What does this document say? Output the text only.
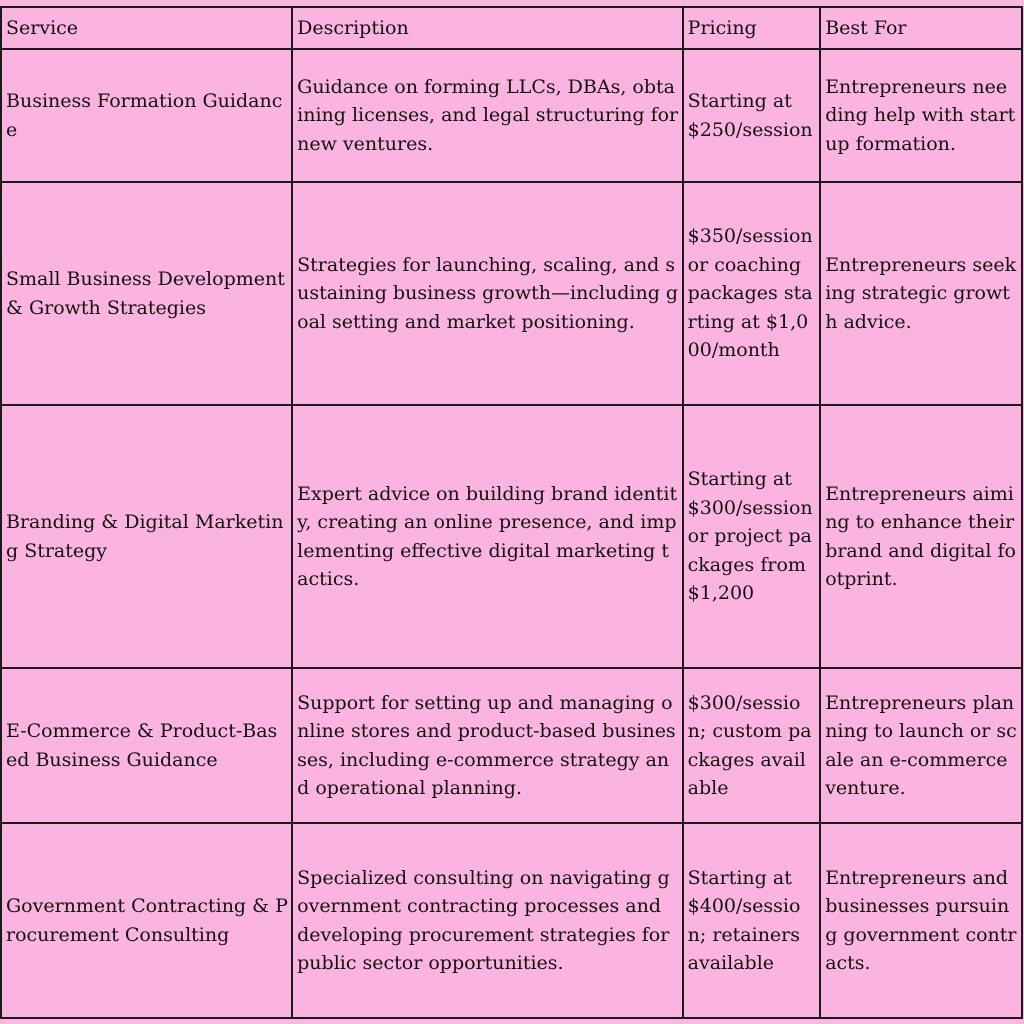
Service	Description	Pricing	Best For
Business Formation Guidance	Guidance on forming LLCs, DBAs, obtaining licenses, and legal structuring for new ventures.	Starting at $250/session	Entrepreneurs needing help with startup formation.
Small Business Development & Growth Strategies	Strategies for launching, scaling, and sustaining business growth—including goal setting and market positioning.	$350/session or coaching packages starting at $1,000/month	Entrepreneurs seeking strategic growth advice.
Branding & Digital Marketing Strategy	Expert advice on building brand identity, creating an online presence, and implementing effective digital marketing tactics.	Starting at $300/session or project packages from $1,200	Entrepreneurs aiming to enhance their brand and digital footprint.
E-Commerce & Product-Based Business Guidance	Support for setting up and managing online stores and product-based businesses, including e-commerce strategy and operational planning.	$300/session; custom packages available	Entrepreneurs planning to launch or scale an e-commerce venture.
Government Contracting & Procurement Consulting	Specialized consulting on navigating government contracting processes and developing procurement strategies for public sector opportunities.	Starting at $400/session; retainers available	Entrepreneurs and businesses pursuing government contracts.
